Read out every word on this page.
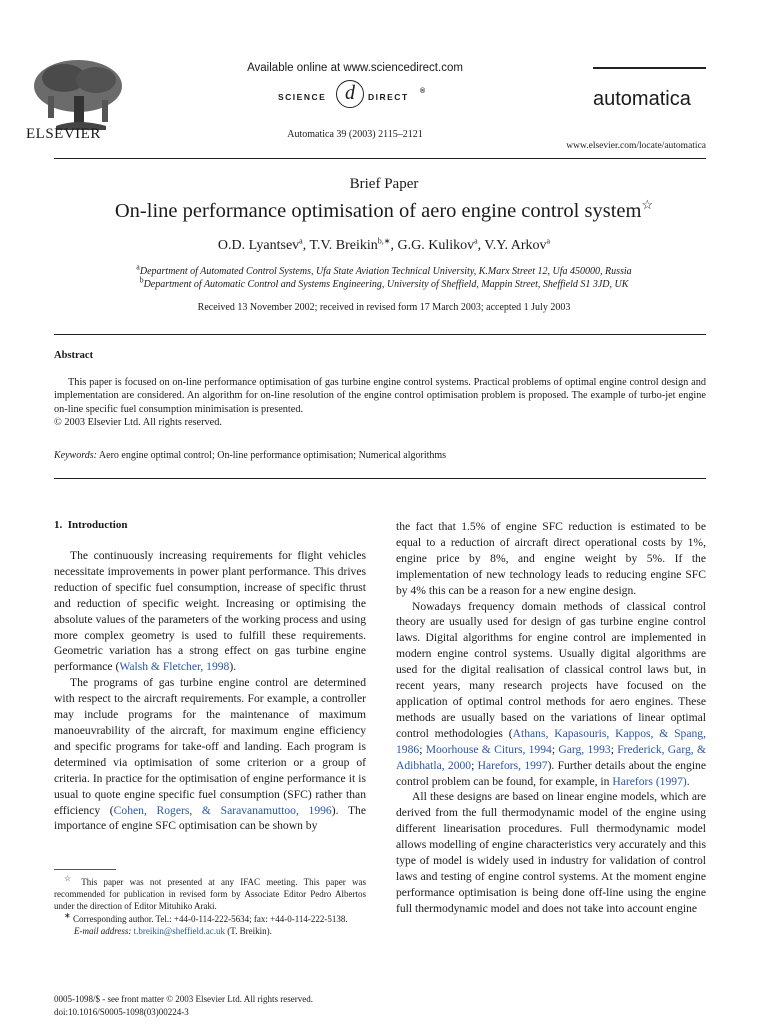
ELSEVIER
Available online at www.sciencedirect.com
SCIENCE d	DIRECT
®
Automatica 39 (2003) 2115–2121
automatica
www.elsevier.com/locate/automatica
Brief Paper
On-line performance optimisation of aero engine control system☆
O.D. Lyantsev$^a$, T.V. Breikin$^{b,∗}$, G.G. Kulikov$^a$, V.Y. Arkov$^a$
$^a$Department of Automated Control Systems, Ufa State Aviation Technical University, K.Marx Street 12, Ufa 450000, Russia
$^b$Department of Automatic Control and Systems Engineering, University of Sheffield, Mappin Street, Sheffield S1 3JD, UK
Received 13 November 2002; received in revised form 17 March 2003; accepted 1 July 2003
Abstract
This paper is focused on on-line performance optimisation of gas turbine engine control systems. Practical problems of optimal engine control design and implementation are considered. An algorithm for on-line resolution of the engine control optimisation problem is proposed. The example of turbo-jet engine on-line specific fuel consumption minimisation is presented.
© 2003 Elsevier Ltd. All rights reserved.
Keywords: Aero engine optimal control; On-line performance optimisation; Numerical algorithms
1.  Introduction

The continuously increasing requirements for flight vehicles necessitate improvements in power plant performance. This drives reduction of specific fuel consumption, increase of specific thrust and reduction of specific weight. Increasing or optimising the absolute values of the parameters of the working process and using more complex geometry is used to fulfill these requirements. Geometric variation has a strong effect on gas turbine engine performance (Walsh & Fletcher, 1998).

The programs of gas turbine engine control are determined with respect to the aircraft requirements. For example, a controller may include programs for the maintenance of maximum manoeuvrability of the aircraft, for maximum engine efficiency and specific programs for take-off and landing. Each program is determined via optimisation of some criterion or a group of criteria. In practice for the optimisation of engine performance it is usual to quote engine specific fuel consumption (SFC) rather than efficiency (Cohen, Rogers, & Saravanamuttoo, 1996). The importance of engine SFC optimisation can be shown by

☆ This paper was not presented at any IFAC meeting. This paper was recommended for publication in revised form by Associate Editor Pedro Albertos under the direction of Editor Mituhiko Araki.
∗ Corresponding author. Tel.: +44-0-114-222-5634; fax: +44-0-114-222-5138.
E-mail address: t.breikin@sheffield.ac.uk (T. Breikin).
0005-1098/$ - see front matter © 2003 Elsevier Ltd. All rights reserved.
doi:10.1016/S0005-1098(03)00224-3

the fact that 1.5% of engine SFC reduction is estimated to be equal to a reduction of aircraft direct operational costs by 1%, engine price by 8%, and engine weight by 5%. If the implementation of new technology leads to reducing engine SFC by 4% this can be a reason for a new engine design.

Nowadays frequency domain methods of classical control theory are usually used for design of gas turbine engine control laws. Digital algorithms for engine control are implemented in modern engine control systems. Usually digital algorithms are used for the digital realisation of classical control laws but, in recent years, many research projects have focused on the application of optimal control methods for aero engines. These methods are usually based on the variations of linear optimal control methodologies (Athans, Kapasouris, Kappos, & Spang, 1986; Moorhouse & Citurs, 1994; Garg, 1993; Frederick, Garg, & Adibhatla, 2000; Harefors, 1997). Further details about the engine control problem can be found, for example, in Harefors (1997).

All these designs are based on linear engine models, which are derived from the full thermodynamic model of the engine using different linearisation procedures. Full thermodynamic model allows modelling of engine characteristics very accurately and this type of model is widely used in industry for validation of control laws and testing of engine control systems. At the moment engine performance optimisation is being done off-line using the engine full thermodynamic model and does not take into account engine
